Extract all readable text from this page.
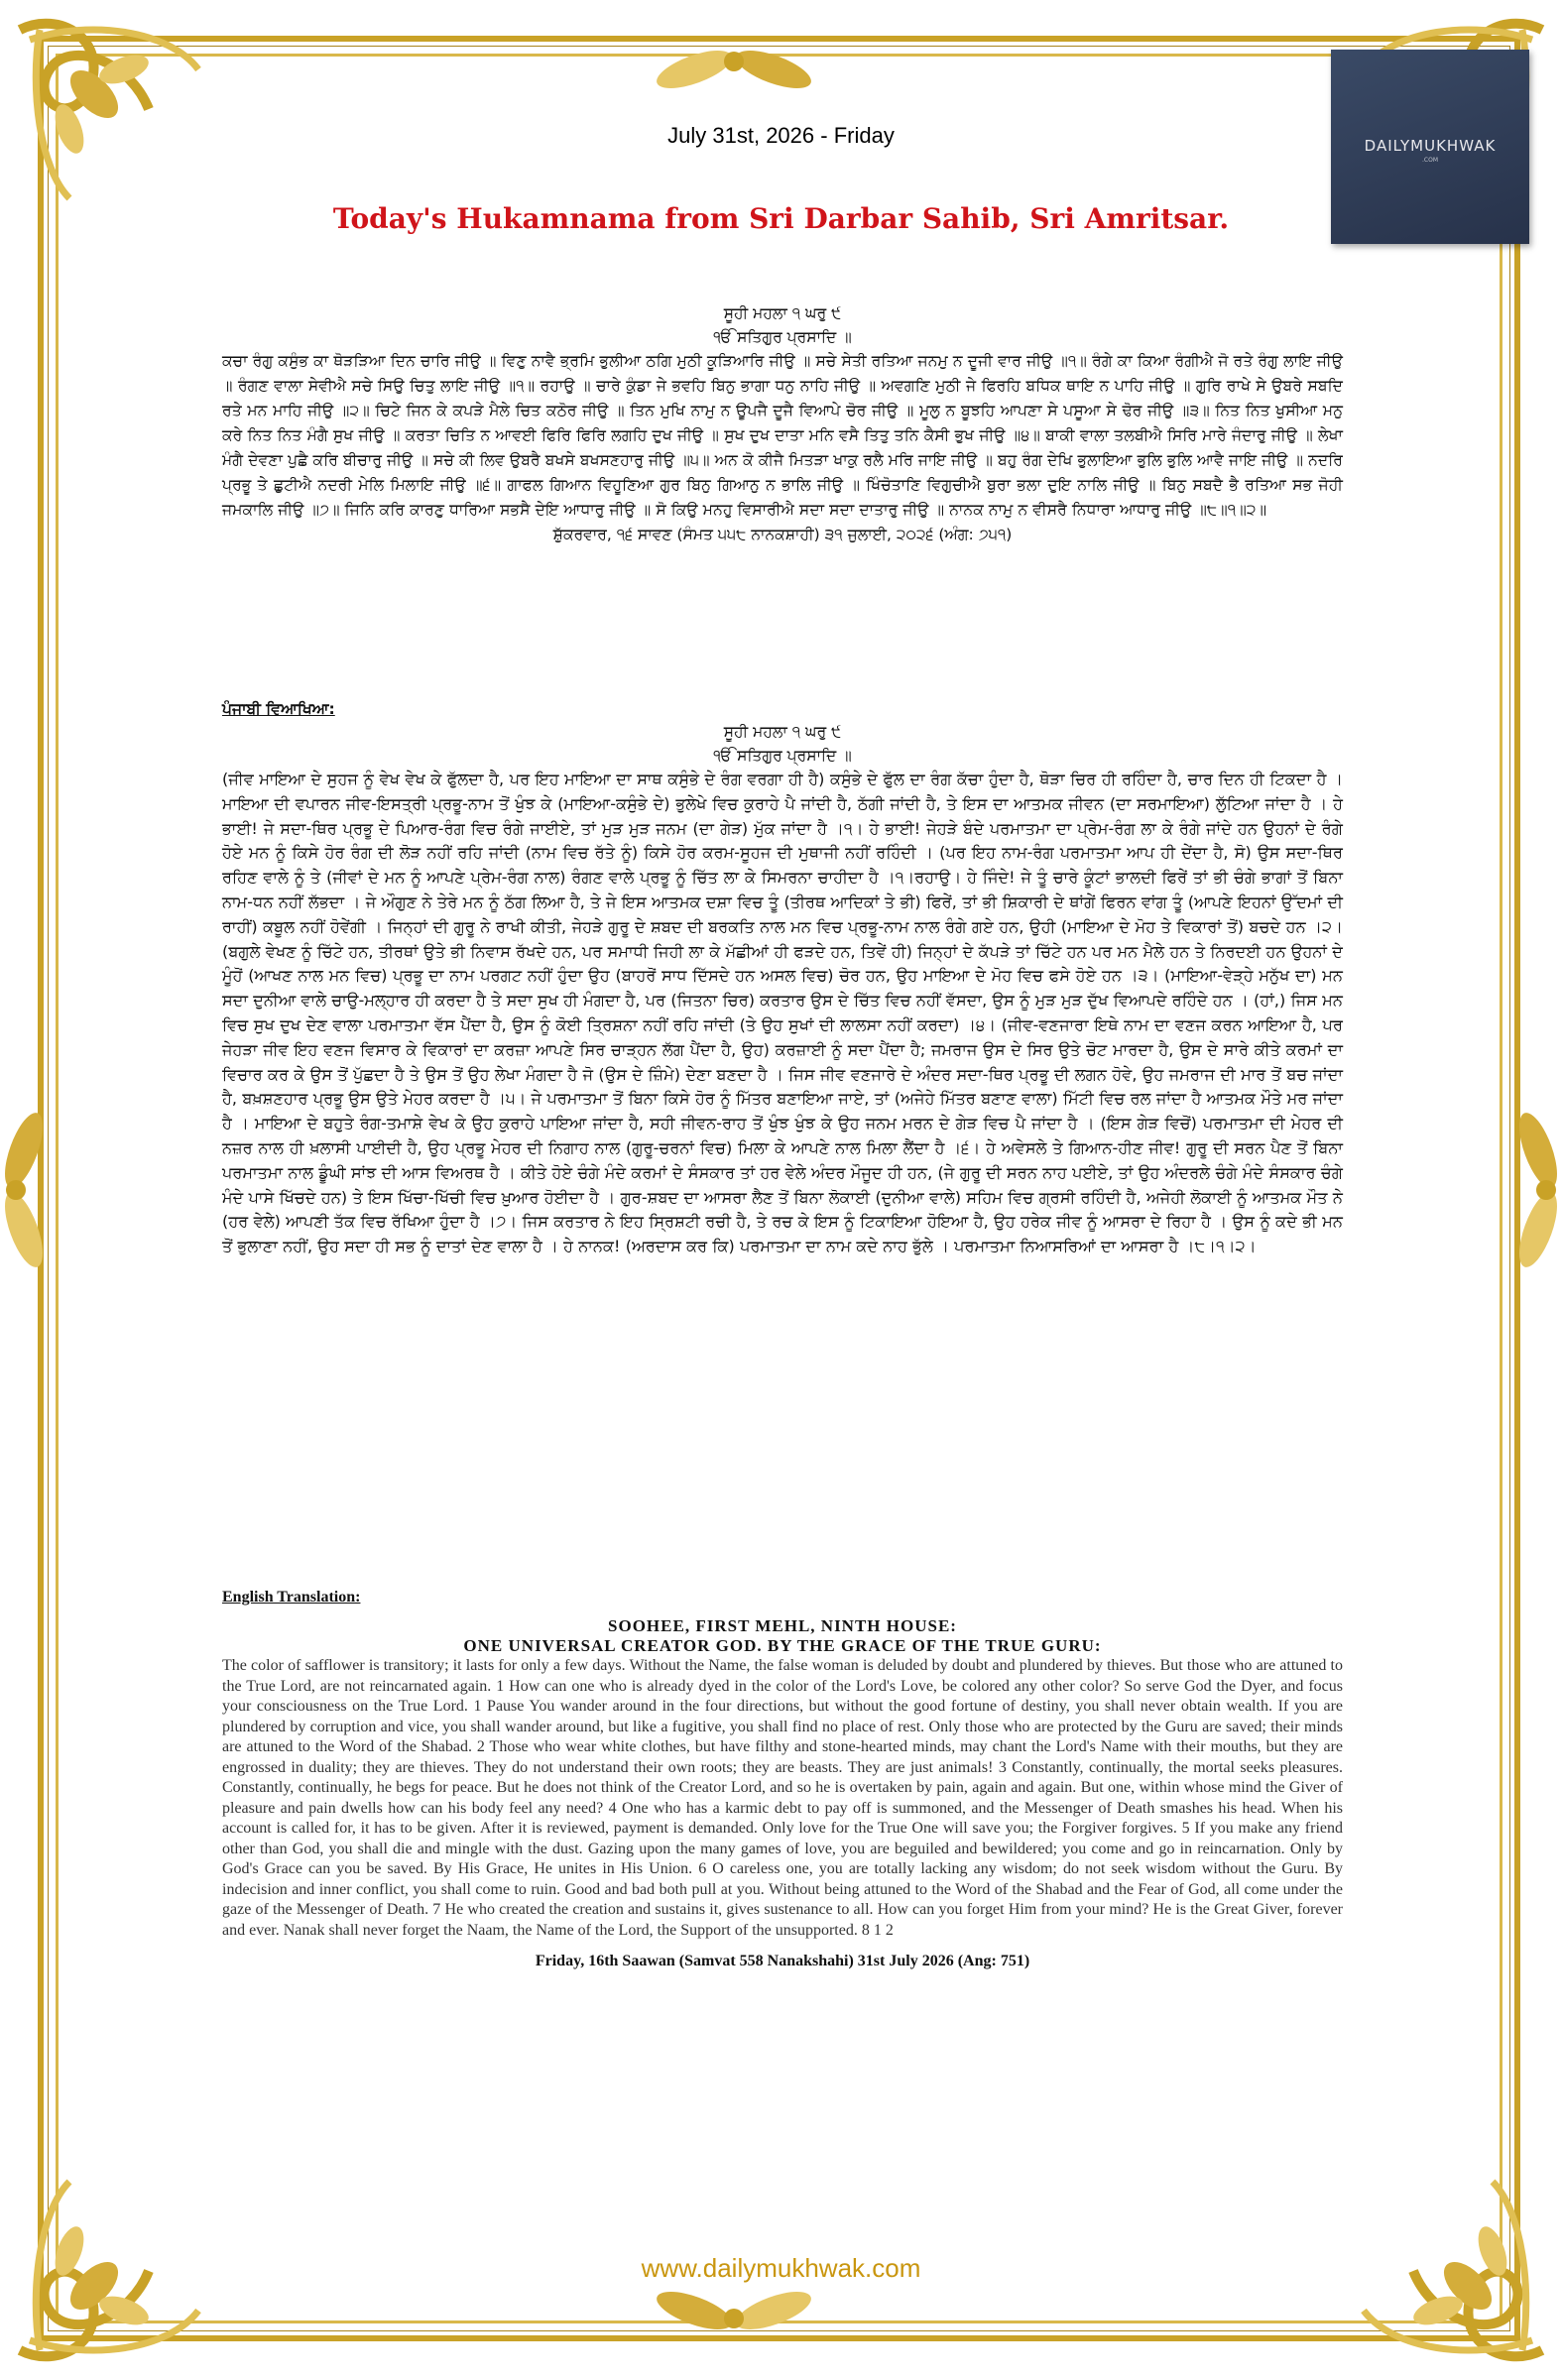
DAILYMUKHWAK
.COM
July 31st, 2026 - Friday
Today's Hukamnama from Sri Darbar Sahib, Sri Amritsar.
ਸੂਹੀ ਮਹਲਾ ੧ ਘਰੁ ੯
ੴ ਸਤਿਗੁਰ ਪ੍ਰਸਾਦਿ ॥
ਕਚਾ ਰੰਗੁ ਕਸੁੰਭ ਕਾ ਥੋੜੜਿਆ ਦਿਨ ਚਾਰਿ ਜੀਉ ॥ ਵਿਣੁ ਨਾਵੈ ਭ੍ਰਮਿ ਭੁਲੀਆ ਠਗਿ ਮੁਠੀ ਕੂੜਿਆਰਿ ਜੀਉ ॥ ਸਚੇ ਸੇਤੀ ਰਤਿਆ ਜਨਮੁ ਨ ਦੂਜੀ ਵਾਰ ਜੀਉ ॥੧॥ ਰੰਗੇ ਕਾ ਕਿਆ ਰੰਗੀਐ ਜੋ ਰਤੇ ਰੰਗੁ ਲਾਇ ਜੀਉ ॥ ਰੰਗਣ ਵਾਲਾ ਸੇਵੀਐ ਸਚੇ ਸਿਉ ਚਿਤੁ ਲਾਇ ਜੀਉ ॥੧॥ ਰਹਾਉ ॥ ਚਾਰੇ ਕੁੰਡਾ ਜੇ ਭਵਹਿ ਬਿਨੁ ਭਾਗਾ ਧਨੁ ਨਾਹਿ ਜੀਉ ॥ ਅਵਗਣਿ ਮੁਠੀ ਜੇ ਫਿਰਹਿ ਬਧਿਕ ਥਾਇ ਨ ਪਾਹਿ ਜੀਉ ॥ ਗੁਰਿ ਰਾਖੇ ਸੇ ਉਬਰੇ ਸਬਦਿ ਰਤੇ ਮਨ ਮਾਹਿ ਜੀਉ ॥੨॥ ਚਿਟੇ ਜਿਨ ਕੇ ਕਪੜੇ ਮੈਲੇ ਚਿਤ ਕਠੋਰ ਜੀਉ ॥ ਤਿਨ ਮੁਖਿ ਨਾਮੁ ਨ ਊਪਜੈ ਦੂਜੈ ਵਿਆਪੇ ਚੋਰ ਜੀਉ ॥ ਮੂਲੁ ਨ ਬੂਝਹਿ ਆਪਣਾ ਸੇ ਪਸੂਆ ਸੇ ਢੋਰ ਜੀਉ ॥੩॥ ਨਿਤ ਨਿਤ ਖੁਸੀਆ ਮਨੁ ਕਰੇ ਨਿਤ ਨਿਤ ਮੰਗੈ ਸੁਖ ਜੀਉ ॥ ਕਰਤਾ ਚਿਤਿ ਨ ਆਵਈ ਫਿਰਿ ਫਿਰਿ ਲਗਹਿ ਦੁਖ ਜੀਉ ॥ ਸੁਖ ਦੁਖ ਦਾਤਾ ਮਨਿ ਵਸੈ ਤਿਤੁ ਤਨਿ ਕੈਸੀ ਭੁਖ ਜੀਉ ॥੪॥ ਬਾਕੀ ਵਾਲਾ ਤਲਬੀਐ ਸਿਰਿ ਮਾਰੇ ਜੰਦਾਰੁ ਜੀਉ ॥ ਲੇਖਾ ਮੰਗੈ ਦੇਵਣਾ ਪੁਛੈ ਕਰਿ ਬੀਚਾਰੁ ਜੀਉ ॥ ਸਚੇ ਕੀ ਲਿਵ ਉਬਰੈ ਬਖਸੇ ਬਖਸਣਹਾਰੁ ਜੀਉ ॥੫॥ ਅਨ ਕੋ ਕੀਜੈ ਮਿਤੜਾ ਖਾਕੁ ਰਲੈ ਮਰਿ ਜਾਇ ਜੀਉ ॥ ਬਹੁ ਰੰਗ ਦੇਖਿ ਭੁਲਾਇਆ ਭੁਲਿ ਭੁਲਿ ਆਵੈ ਜਾਇ ਜੀਉ ॥ ਨਦਰਿ ਪ੍ਰਭੂ ਤੇ ਛੁਟੀਐ ਨਦਰੀ ਮੇਲਿ ਮਿਲਾਇ ਜੀਉ ॥੬॥ ਗਾਫਲ ਗਿਆਨ ਵਿਹੂਣਿਆ ਗੁਰ ਬਿਨੁ ਗਿਆਨੁ ਨ ਭਾਲਿ ਜੀਉ ॥ ਖਿੰਚੋਤਾਣਿ ਵਿਗੁਚੀਐ ਬੁਰਾ ਭਲਾ ਦੁਇ ਨਾਲਿ ਜੀਉ ॥ ਬਿਨੁ ਸਬਦੈ ਭੈ ਰਤਿਆ ਸਭ ਜੋਹੀ ਜਮਕਾਲਿ ਜੀਉ ॥੭॥ ਜਿਨਿ ਕਰਿ ਕਾਰਣੁ ਧਾਰਿਆ ਸਭਸੈ ਦੇਇ ਆਧਾਰੁ ਜੀਉ ॥ ਸੋ ਕਿਉ ਮਨਹੁ ਵਿਸਾਰੀਐ ਸਦਾ ਸਦਾ ਦਾਤਾਰੁ ਜੀਉ ॥ ਨਾਨਕ ਨਾਮੁ ਨ ਵੀਸਰੈ ਨਿਧਾਰਾ ਆਧਾਰੁ ਜੀਉ ॥੮॥੧॥੨॥
ਸ਼ੁੱਕਰਵਾਰ, ੧੬ ਸਾਵਣ (ਸੰਮਤ ੫੫੮ ਨਾਨਕਸ਼ਾਹੀ) ੩੧ ਜੁਲਾਈ, ੨੦੨੬ (ਅੰਗ: ੭੫੧)
ਪੰਜਾਬੀ ਵਿਆਖਿਆ:
ਸੂਹੀ ਮਹਲਾ ੧ ਘਰੁ ੯
ੴ ਸਤਿਗੁਰ ਪ੍ਰਸਾਦਿ ॥
(ਜੀਵ ਮਾਇਆ ਦੇ ਸੁਹਜ ਨੂੰ ਵੇਖ ਵੇਖ ਕੇ ਫੁੱਲਦਾ ਹੈ, ਪਰ ਇਹ ਮਾਇਆ ਦਾ ਸਾਥ ਕਸੁੰਭੇ ਦੇ ਰੰਗ ਵਰਗਾ ਹੀ ਹੈ) ਕਸੁੰਭੇ ਦੇ ਫੁੱਲ ਦਾ ਰੰਗ ਕੱਚਾ ਹੁੰਦਾ ਹੈ, ਥੋੜਾ ਚਿਰ ਹੀ ਰਹਿੰਦਾ ਹੈ, ਚਾਰ ਦਿਨ ਹੀ ਟਿਕਦਾ ਹੈ । ਮਾਇਆ ਦੀ ਵਪਾਰਨ ਜੀਵ-ਇਸਤ੍ਰੀ ਪ੍ਰਭੂ-ਨਾਮ ਤੋਂ ਖੁੰਝ ਕੇ (ਮਾਇਆ-ਕਸੁੰਭੇ ਦੇ) ਭੁਲੇਖੇ ਵਿਚ ਕੁਰਾਹੇ ਪੈ ਜਾਂਦੀ ਹੈ, ਠੱਗੀ ਜਾਂਦੀ ਹੈ, ਤੇ ਇਸ ਦਾ ਆਤਮਕ ਜੀਵਨ (ਦਾ ਸਰਮਾਇਆ) ਲੁੱਟਿਆ ਜਾਂਦਾ ਹੈ । ਹੇ ਭਾਈ! ਜੇ ਸਦਾ-ਥਿਰ ਪ੍ਰਭੂ ਦੇ ਪਿਆਰ-ਰੰਗ ਵਿਚ ਰੰਗੇ ਜਾਈਏ, ਤਾਂ ਮੁੜ ਮੁੜ ਜਨਮ (ਦਾ ਗੇੜ) ਮੁੱਕ ਜਾਂਦਾ ਹੈ ।੧। ਹੇ ਭਾਈ! ਜੇਹੜੇ ਬੰਦੇ ਪਰਮਾਤਮਾ ਦਾ ਪ੍ਰੇਮ-ਰੰਗ ਲਾ ਕੇ ਰੰਗੇ ਜਾਂਦੇ ਹਨ ਉਹਨਾਂ ਦੇ ਰੰਗੇ ਹੋਏ ਮਨ ਨੂੰ ਕਿਸੇ ਹੋਰ ਰੰਗ ਦੀ ਲੋੜ ਨਹੀਂ ਰਹਿ ਜਾਂਦੀ (ਨਾਮ ਵਿਚ ਰੱਤੇ ਨੂੰ) ਕਿਸੇ ਹੋਰ ਕਰਮ-ਸੂਹਜ ਦੀ ਮੁਥਾਜੀ ਨਹੀਂ ਰਹਿੰਦੀ । (ਪਰ ਇਹ ਨਾਮ-ਰੰਗ ਪਰਮਾਤਮਾ ਆਪ ਹੀ ਦੇਂਦਾ ਹੈ, ਸੋ) ਉਸ ਸਦਾ-ਥਿਰ ਰਹਿਣ ਵਾਲੇ ਨੂੰ ਤੇ (ਜੀਵਾਂ ਦੇ ਮਨ ਨੂੰ ਆਪਣੇ ਪ੍ਰੇਮ-ਰੰਗ ਨਾਲ) ਰੰਗਣ ਵਾਲੇ ਪ੍ਰਭੂ ਨੂੰ ਚਿੱਤ ਲਾ ਕੇ ਸਿਮਰਨਾ ਚਾਹੀਦਾ ਹੈ ।੧।ਰਹਾਉ। ਹੇ ਜਿੰਦੇ! ਜੇ ਤੂੰ ਚਾਰੇ ਕੂੰਟਾਂ ਭਾਲਦੀ ਫਿਰੇਂ ਤਾਂ ਭੀ ਚੰਗੇ ਭਾਗਾਂ ਤੋਂ ਬਿਨਾ ਨਾਮ-ਧਨ ਨਹੀਂ ਲੱਭਦਾ । ਜੇ ਔਗੁਣ ਨੇ ਤੇਰੇ ਮਨ ਨੂੰ ਠੱਗ ਲਿਆ ਹੈ, ਤੇ ਜੇ ਇਸ ਆਤਮਕ ਦਸ਼ਾ ਵਿਚ ਤੂੰ (ਤੀਰਥ ਆਦਿਕਾਂ ਤੇ ਭੀ) ਫਿਰੇਂ, ਤਾਂ ਭੀ ਸ਼ਿਕਾਰੀ ਦੇ ਥਾਂਗੇਂ ਫਿਰਨ ਵਾਂਗ ਤੂੰ (ਆਪਣੇ ਇਹਨਾਂ ਉੱਦਮਾਂ ਦੀ ਰਾਹੀਂ) ਕਬੂਲ ਨਹੀਂ ਹੋਵੇਂਗੀ । ਜਿਨ੍ਹਾਂ ਦੀ ਗੁਰੂ ਨੇ ਰਾਖੀ ਕੀਤੀ, ਜੇਹੜੇ ਗੁਰੂ ਦੇ ਸ਼ਬਦ ਦੀ ਬਰਕਤਿ ਨਾਲ ਮਨ ਵਿਚ ਪ੍ਰਭੂ-ਨਾਮ ਨਾਲ ਰੰਗੇ ਗਏ ਹਨ, ਉਹੀ (ਮਾਇਆ ਦੇ ਮੋਹ ਤੇ ਵਿਕਾਰਾਂ ਤੋਂ) ਬਚਦੇ ਹਨ ।੨। (ਬਗੁਲੇ ਵੇਖਣ ਨੂੰ ਚਿੱਟੇ ਹਨ, ਤੀਰਥਾਂ ਉਤੇ ਭੀ ਨਿਵਾਸ ਰੱਖਦੇ ਹਨ, ਪਰ ਸਮਾਧੀ ਜਿਹੀ ਲਾ ਕੇ ਮੱਛੀਆਂ ਹੀ ਫੜਦੇ ਹਨ, ਤਿਵੇਂ ਹੀ) ਜਿਨ੍ਹਾਂ ਦੇ ਕੱਪੜੇ ਤਾਂ ਚਿੱਟੇ ਹਨ ਪਰ ਮਨ ਮੈਲੇ ਹਨ ਤੇ ਨਿਰਦਈ ਹਨ ਉਹਨਾਂ ਦੇ ਮੂੰਹੋਂ (ਆਖਣ ਨਾਲ ਮਨ ਵਿਚ) ਪ੍ਰਭੂ ਦਾ ਨਾਮ ਪਰਗਟ ਨਹੀਂ ਹੁੰਦਾ ਉਹ (ਬਾਹਰੋਂ ਸਾਧ ਦਿੱਸਦੇ ਹਨ ਅਸਲ ਵਿਚ) ਚੋਰ ਹਨ, ਉਹ ਮਾਇਆ ਦੇ ਮੋਹ ਵਿਚ ਫਸੇ ਹੋਏ ਹਨ ।੩। (ਮਾਇਆ-ਵੇੜ੍ਹੇ ਮਨੁੱਖ ਦਾ) ਮਨ ਸਦਾ ਦੁਨੀਆ ਵਾਲੇ ਚਾਉ-ਮਲ੍ਹਾਰ ਹੀ ਕਰਦਾ ਹੈ ਤੇ ਸਦਾ ਸੁਖ ਹੀ ਮੰਗਦਾ ਹੈ, ਪਰ (ਜਿਤਨਾ ਚਿਰ) ਕਰਤਾਰ ਉਸ ਦੇ ਚਿੱਤ ਵਿਚ ਨਹੀਂ ਵੱਸਦਾ, ਉਸ ਨੂੰ ਮੁੜ ਮੁੜ ਦੁੱਖ ਵਿਆਪਦੇ ਰਹਿੰਦੇ ਹਨ । (ਹਾਂ,) ਜਿਸ ਮਨ ਵਿਚ ਸੁਖ ਦੁਖ ਦੇਣ ਵਾਲਾ ਪਰਮਾਤਮਾ ਵੱਸ ਪੈਂਦਾ ਹੈ, ਉਸ ਨੂੰ ਕੋਈ ਤ੍ਰਿਸ਼ਨਾ ਨਹੀਂ ਰਹਿ ਜਾਂਦੀ (ਤੇ ਉਹ ਸੁਖਾਂ ਦੀ ਲਾਲਸਾ ਨਹੀਂ ਕਰਦਾ) ।੪। (ਜੀਵ-ਵਣਜਾਰਾ ਇਥੇ ਨਾਮ ਦਾ ਵਣਜ ਕਰਨ ਆਇਆ ਹੈ, ਪਰ ਜੇਹੜਾ ਜੀਵ ਇਹ ਵਣਜ ਵਿਸਾਰ ਕੇ ਵਿਕਾਰਾਂ ਦਾ ਕਰਜ਼ਾ ਆਪਣੇ ਸਿਰ ਚਾੜ੍ਹਨ ਲੱਗ ਪੈਂਦਾ ਹੈ, ਉਹ) ਕਰਜ਼ਾਈ ਨੂੰ ਸਦਾ ਪੈਂਦਾ ਹੈ; ਜਮਰਾਜ ਉਸ ਦੇ ਸਿਰ ਉਤੇ ਚੋਟ ਮਾਰਦਾ ਹੈ, ਉਸ ਦੇ ਸਾਰੇ ਕੀਤੇ ਕਰਮਾਂ ਦਾ ਵਿਚਾਰ ਕਰ ਕੇ ਉਸ ਤੋਂ ਪੁੱਛਦਾ ਹੈ ਤੇ ਉਸ ਤੋਂ ਉਹ ਲੇਖਾ ਮੰਗਦਾ ਹੈ ਜੋ (ਉਸ ਦੇ ਜ਼ਿੰਮੇ) ਦੇਣਾ ਬਣਦਾ ਹੈ । ਜਿਸ ਜੀਵ ਵਣਜਾਰੇ ਦੇ ਅੰਦਰ ਸਦਾ-ਥਿਰ ਪ੍ਰਭੂ ਦੀ ਲਗਨ ਹੋਵੇ, ਉਹ ਜਮਰਾਜ ਦੀ ਮਾਰ ਤੋਂ ਬਚ ਜਾਂਦਾ ਹੈ, ਬਖ਼ਸ਼ਣਹਾਰ ਪ੍ਰਭੂ ਉਸ ਉਤੇ ਮੇਹਰ ਕਰਦਾ ਹੈ ।੫। ਜੇ ਪਰਮਾਤਮਾ ਤੋਂ ਬਿਨਾ ਕਿਸੇ ਹੋਰ ਨੂੰ ਮਿੱਤਰ ਬਣਾਇਆ ਜਾਏ, ਤਾਂ (ਅਜੇਹੇ ਮਿੱਤਰ ਬਣਾਣ ਵਾਲਾ) ਮਿੱਟੀ ਵਿਚ ਰਲ ਜਾਂਦਾ ਹੈ ਆਤਮਕ ਮੌਤੇ ਮਰ ਜਾਂਦਾ ਹੈ । ਮਾਇਆ ਦੇ ਬਹੁਤੇ ਰੰਗ-ਤਮਾਸ਼ੇ ਵੇਖ ਕੇ ਉਹ ਕੁਰਾਹੇ ਪਾਇਆ ਜਾਂਦਾ ਹੈ, ਸਹੀ ਜੀਵਨ-ਰਾਹ ਤੋਂ ਖੁੰਝ ਖੁੰਝ ਕੇ ਉਹ ਜਨਮ ਮਰਨ ਦੇ ਗੇੜ ਵਿਚ ਪੈ ਜਾਂਦਾ ਹੈ । (ਇਸ ਗੇੜ ਵਿਚੋਂ) ਪਰਮਾਤਮਾ ਦੀ ਮੇਹਰ ਦੀ ਨਜ਼ਰ ਨਾਲ ਹੀ ਖ਼ਲਾਸੀ ਪਾਈਦੀ ਹੈ, ਉਹ ਪ੍ਰਭੂ ਮੇਹਰ ਦੀ ਨਿਗਾਹ ਨਾਲ (ਗੁਰੂ-ਚਰਨਾਂ ਵਿਚ) ਮਿਲਾ ਕੇ ਆਪਣੇ ਨਾਲ ਮਿਲਾ ਲੈਂਦਾ ਹੈ ।੬। ਹੇ ਅਵੇਸਲੇ ਤੇ ਗਿਆਨ-ਹੀਣ ਜੀਵ! ਗੁਰੂ ਦੀ ਸਰਨ ਪੈਣ ਤੋਂ ਬਿਨਾ ਪਰਮਾਤਮਾ ਨਾਲ ਡੂੰਘੀ ਸਾਂਝ ਦੀ ਆਸ ਵਿਅਰਥ ਹੈ । ਕੀਤੇ ਹੋਏ ਚੰਗੇ ਮੰਦੇ ਕਰਮਾਂ ਦੇ ਸੰਸਕਾਰ ਤਾਂ ਹਰ ਵੇਲੇ ਅੰਦਰ ਮੌਜੂਦ ਹੀ ਹਨ, (ਜੇ ਗੁਰੂ ਦੀ ਸਰਨ ਨਾਹ ਪਈਏ, ਤਾਂ ਉਹ ਅੰਦਰਲੇ ਚੰਗੇ ਮੰਦੇ ਸੰਸਕਾਰ ਚੰਗੇ ਮੰਦੇ ਪਾਸੇ ਖਿੱਚਦੇ ਹਨ) ਤੇ ਇਸ ਖਿੱਚਾ-ਖਿੱਚੀ ਵਿਚ ਖ਼ੁਆਰ ਹੋਈਦਾ ਹੈ । ਗੁਰ-ਸ਼ਬਦ ਦਾ ਆਸਰਾ ਲੈਣ ਤੋਂ ਬਿਨਾ ਲੋਕਾਈ (ਦੁਨੀਆ ਵਾਲੇ) ਸਹਿਮ ਵਿਚ ਗ੍ਰਸੀ ਰਹਿੰਦੀ ਹੈ, ਅਜੇਹੀ ਲੋਕਾਈ ਨੂੰ ਆਤਮਕ ਮੌਤ ਨੇ (ਹਰ ਵੇਲੇ) ਆਪਣੀ ਤੱਕ ਵਿਚ ਰੱਖਿਆ ਹੁੰਦਾ ਹੈ ।੭। ਜਿਸ ਕਰਤਾਰ ਨੇ ਇਹ ਸ੍ਰਿਸ਼ਟੀ ਰਚੀ ਹੈ, ਤੇ ਰਚ ਕੇ ਇਸ ਨੂੰ ਟਿਕਾਇਆ ਹੋਇਆ ਹੈ, ਉਹ ਹਰੇਕ ਜੀਵ ਨੂੰ ਆਸਰਾ ਦੇ ਰਿਹਾ ਹੈ । ਉਸ ਨੂੰ ਕਦੇ ਭੀ ਮਨ ਤੋਂ ਭੁਲਾਣਾ ਨਹੀਂ, ਉਹ ਸਦਾ ਹੀ ਸਭ ਨੂੰ ਦਾਤਾਂ ਦੇਣ ਵਾਲਾ ਹੈ । ਹੇ ਨਾਨਕ! (ਅਰਦਾਸ ਕਰ ਕਿ) ਪਰਮਾਤਮਾ ਦਾ ਨਾਮ ਕਦੇ ਨਾਹ ਭੁੱਲੇ । ਪਰਮਾਤਮਾ ਨਿਆਸਰਿਆਂ ਦਾ ਆਸਰਾ ਹੈ ।੮।੧।੨।
English Translation:
SOOHEE, FIRST MEHL, NINTH HOUSE:
ONE UNIVERSAL CREATOR GOD. BY THE GRACE OF THE TRUE GURU:
The color of safflower is transitory; it lasts for only a few days. Without the Name, the false woman is deluded by doubt and plundered by thieves. But those who are attuned to the True Lord, are not reincarnated again. 1 How can one who is already dyed in the color of the Lord's Love, be colored any other color? So serve God the Dyer, and focus your consciousness on the True Lord. 1 Pause You wander around in the four directions, but without the good fortune of destiny, you shall never obtain wealth. If you are plundered by corruption and vice, you shall wander around, but like a fugitive, you shall find no place of rest. Only those who are protected by the Guru are saved; their minds are attuned to the Word of the Shabad. 2 Those who wear white clothes, but have filthy and stone-hearted minds, may chant the Lord's Name with their mouths, but they are engrossed in duality; they are thieves. They do not understand their own roots; they are beasts. They are just animals! 3 Constantly, continually, the mortal seeks pleasures. Constantly, continually, he begs for peace. But he does not think of the Creator Lord, and so he is overtaken by pain, again and again. But one, within whose mind the Giver of pleasure and pain dwells how can his body feel any need? 4 One who has a karmic debt to pay off is summoned, and the Messenger of Death smashes his head. When his account is called for, it has to be given. After it is reviewed, payment is demanded. Only love for the True One will save you; the Forgiver forgives. 5 If you make any friend other than God, you shall die and mingle with the dust. Gazing upon the many games of love, you are beguiled and bewildered; you come and go in reincarnation. Only by God's Grace can you be saved. By His Grace, He unites in His Union. 6 O careless one, you are totally lacking any wisdom; do not seek wisdom without the Guru. By indecision and inner conflict, you shall come to ruin. Good and bad both pull at you. Without being attuned to the Word of the Shabad and the Fear of God, all come under the gaze of the Messenger of Death. 7 He who created the creation and sustains it, gives sustenance to all. How can you forget Him from your mind? He is the Great Giver, forever and ever. Nanak shall never forget the Naam, the Name of the Lord, the Support of the unsupported. 8 1 2
Friday, 16th Saawan (Samvat 558 Nanakshahi) 31st July 2026 (Ang: 751)
www.dailymukhwak.com
